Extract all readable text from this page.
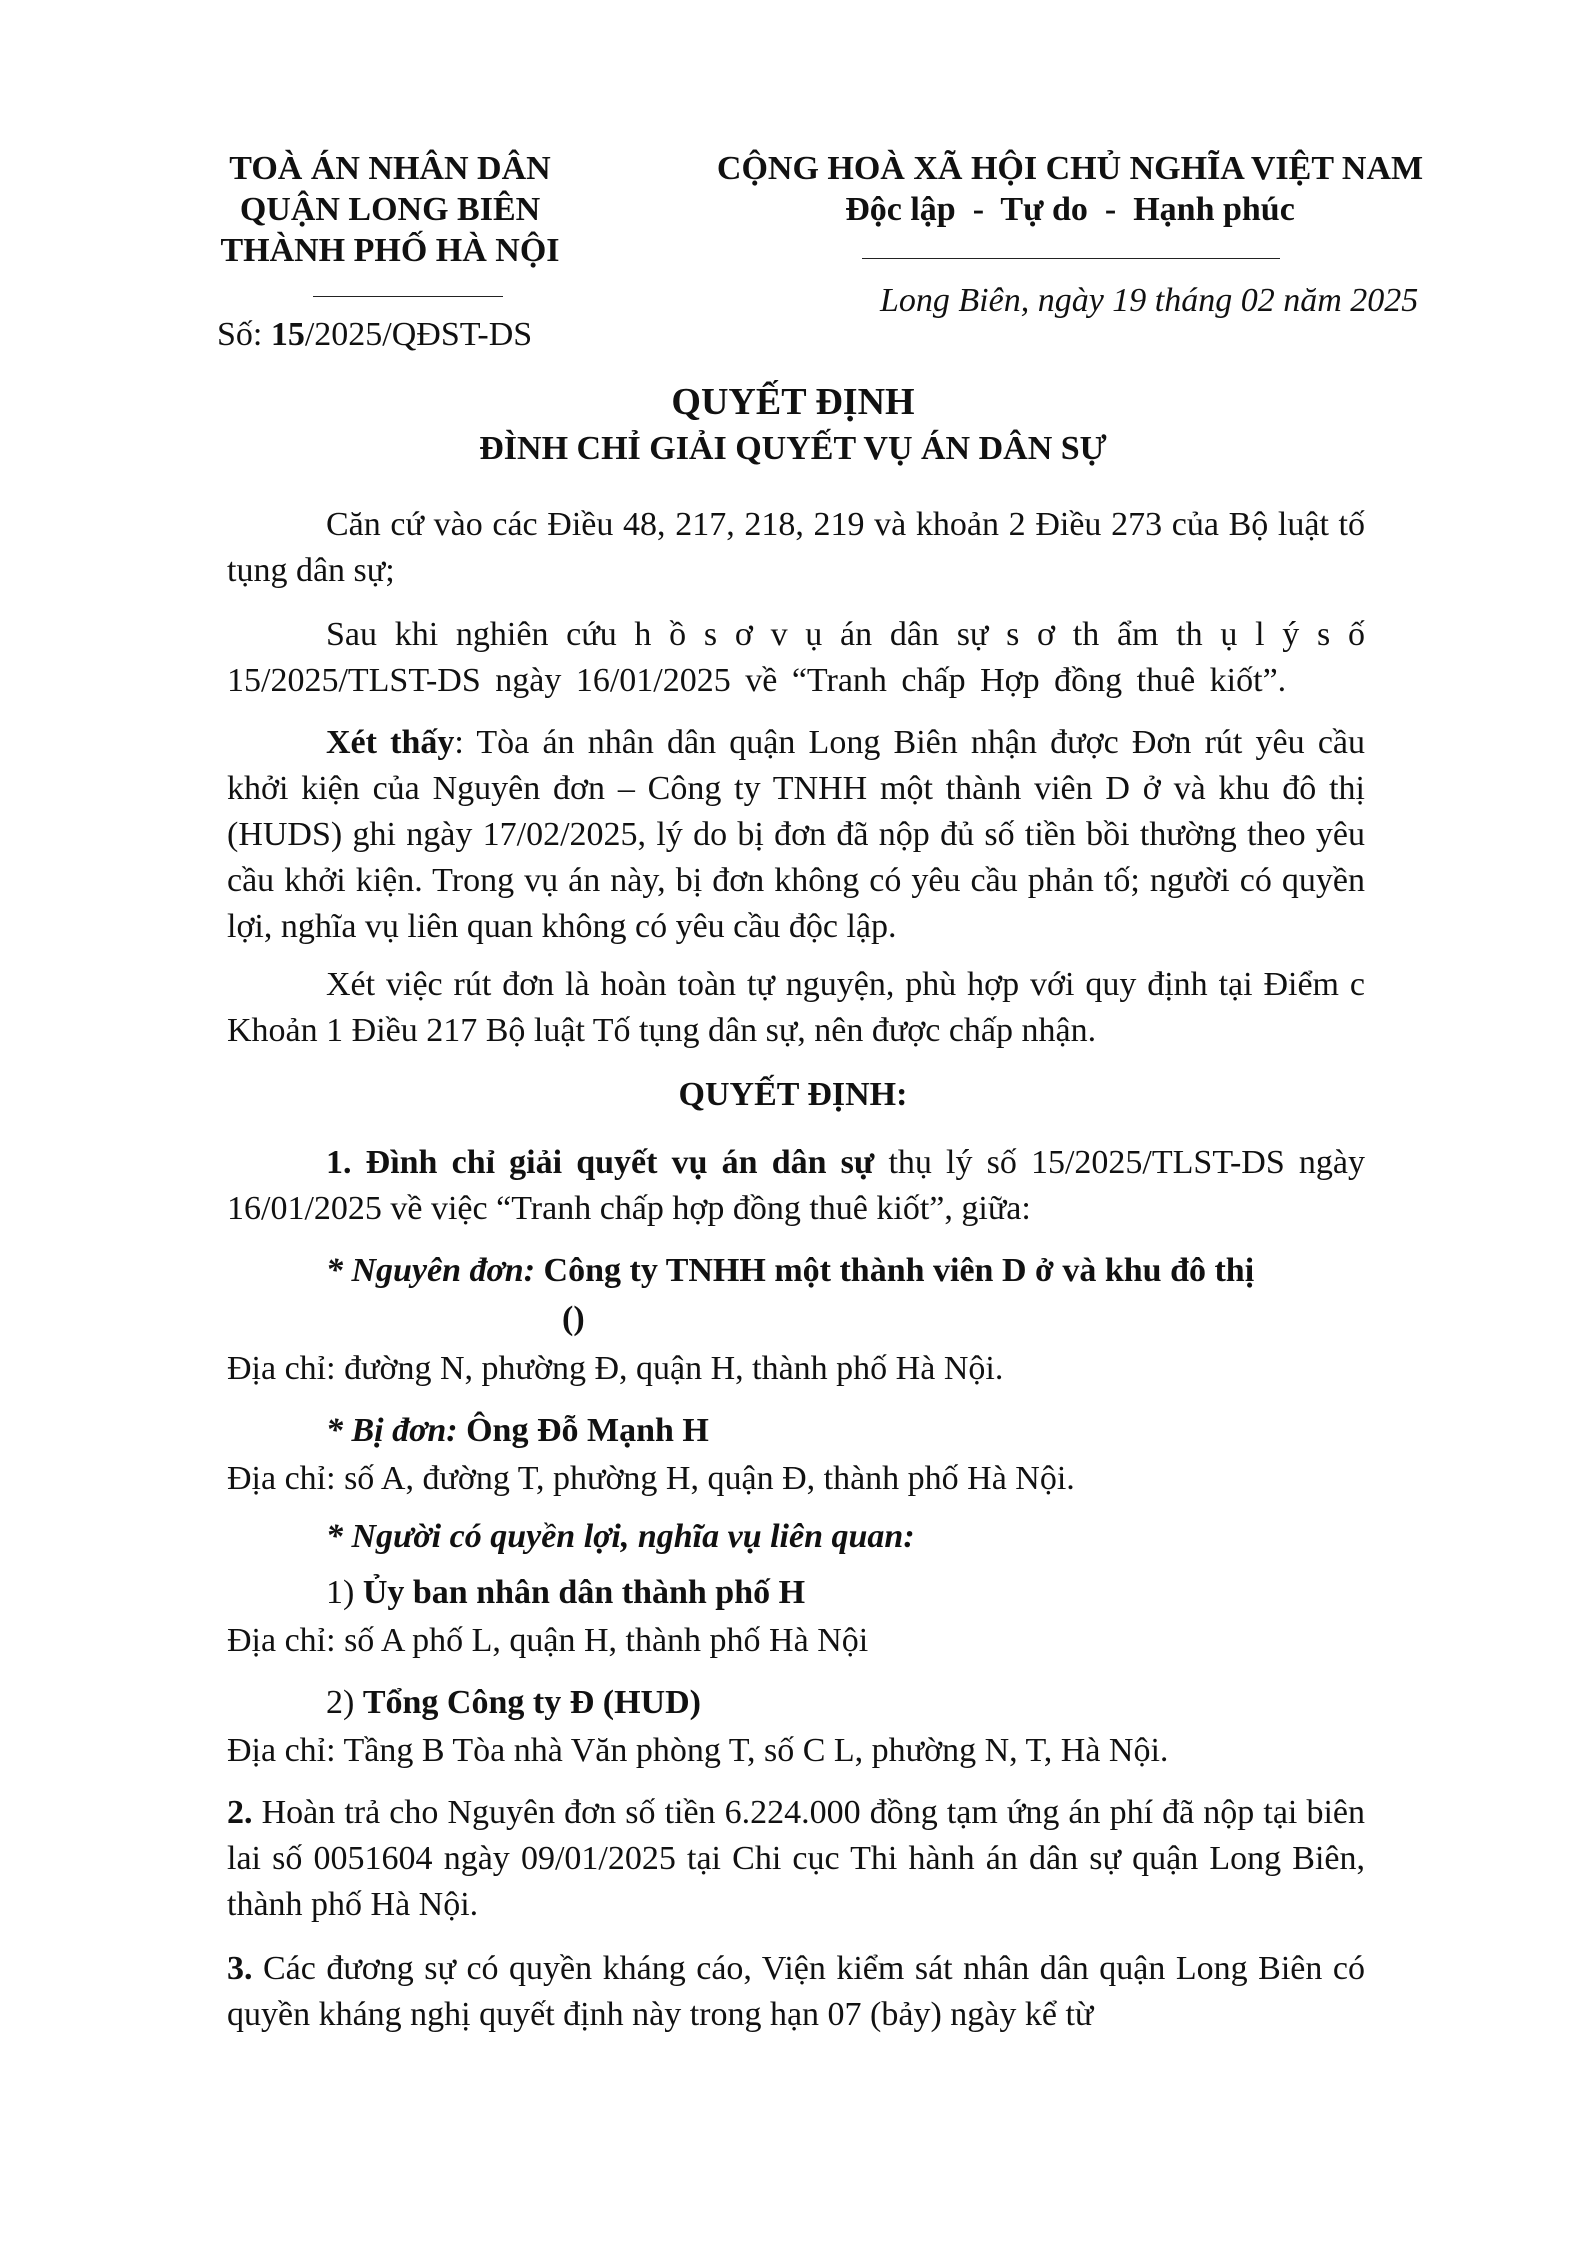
TOÀ ÁN NHÂN DÂN
QUẬN LONG BIÊN
THÀNH PHỐ HÀ NỘI
Số: 15/2025/QĐST-DS
CỘNG HOÀ XÃ HỘI CHỦ NGHĨA VIỆT NAM
Độc lập  -  Tự do  -  Hạnh phúc
Long Biên, ngày 19 tháng 02 năm 2025
QUYẾT ĐỊNH
ĐÌNH CHỈ GIẢI QUYẾT VỤ ÁN DÂN SỰ
Căn cứ vào các Điều 48, 217, 218, 219 và khoản 2 Điều 273 của Bộ luật tố tụng dân sự;
Sau khi nghiên cứu h ồ s ơ v ụ án dân sự s ơ th ẩm th ụ l ý s ố 15/2025/TLST-DS ngày 16/01/2025 về “Tranh chấp Hợp đồng thuê kiốt”.
Xét thấy: Tòa án nhân dân quận Long Biên nhận được Đơn rút yêu cầu khởi kiện của Nguyên đơn – Công ty TNHH một thành viên D ở và khu đô thị (HUDS) ghi ngày 17/02/2025, lý do bị đơn đã nộp đủ số tiền bồi thường theo yêu cầu khởi kiện. Trong vụ án này, bị đơn không có yêu cầu phản tố; người có quyền lợi, nghĩa vụ liên quan không có yêu cầu độc lập.
Xét việc rút đơn là hoàn toàn tự nguyện, phù hợp với quy định tại Điểm c Khoản 1 Điều 217 Bộ luật Tố tụng dân sự, nên được chấp nhận.
QUYẾT ĐỊNH:
1. Đình chỉ giải quyết vụ án dân sự thụ lý số 15/2025/TLST-DS ngày 16/01/2025 về việc “Tranh chấp hợp đồng thuê kiốt”, giữa:
* Nguyên đơn: Công ty TNHH một thành viên D ở và khu đô thị
()
Địa chỉ: đường N, phường Đ, quận H, thành phố Hà Nội.
* Bị đơn: Ông Đỗ Mạnh H
Địa chỉ: số A, đường T, phường H, quận Đ, thành phố Hà Nội.
* Người có quyền lợi, nghĩa vụ liên quan:
1) Ủy ban nhân dân thành phố H
Địa chỉ: số A phố L, quận H, thành phố Hà Nội
2) Tổng Công ty Đ (HUD)
Địa chỉ: Tầng B Tòa nhà Văn phòng T, số C L, phường N, T, Hà Nội.
2. Hoàn trả cho Nguyên đơn số tiền 6.224.000 đồng tạm ứng án phí đã nộp tại biên lai số 0051604 ngày 09/01/2025 tại Chi cục Thi hành án dân sự quận Long Biên, thành phố Hà Nội.
3. Các đương sự có quyền kháng cáo, Viện kiểm sát nhân dân quận Long Biên có quyền kháng nghị quyết định này trong hạn 07 (bảy) ngày kể từ
